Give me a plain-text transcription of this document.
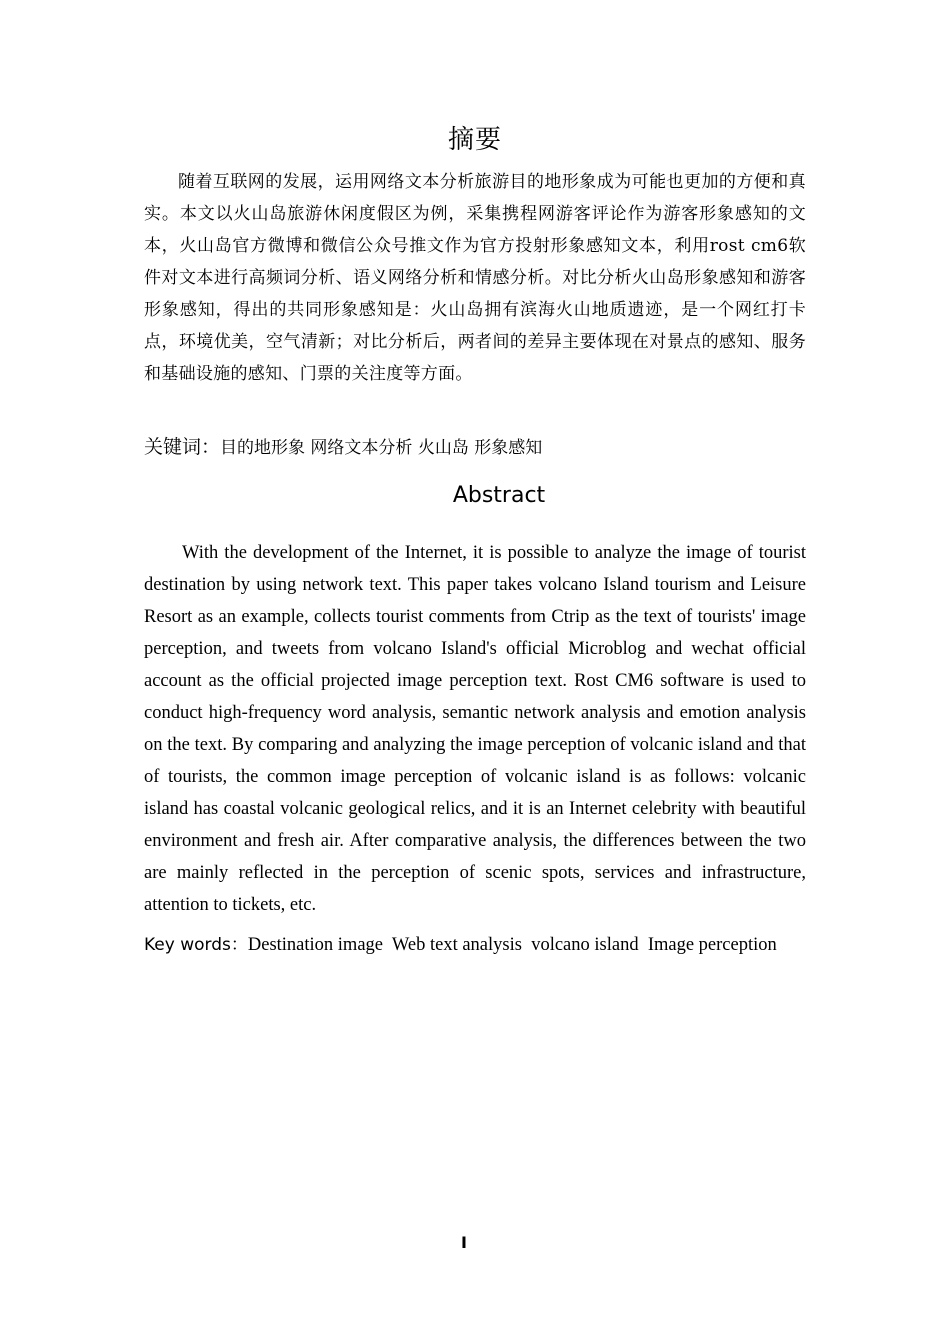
摘要

随着互联网的发展，运用网络文本分析旅游目的地形象成为可能也更加的方便和真实。本文以火山岛旅游休闲度假区为例，采集携程网游客评论作为游客形象感知的文本，火山岛官方微博和微信公众号推文作为官方投射形象感知文本，利用rost cm6软件对文本进行高频词分析、语义网络分析和情感分析。对比分析火山岛形象感知和游客形象感知，得出的共同形象感知是：火山岛拥有滨海火山地质遗迹，是一个网红打卡点，环境优美，空气清新；对比分析后，两者间的差异主要体现在对景点的感知、服务和基础设施的感知、门票的关注度等方面。

关键词：目的地形象 网络文本分析 火山岛 形象感知
Abstract

With the development of the Internet, it is possible to analyze the image of tourist destination by using network text. This paper takes volcano Island tourism and Leisure Resort as an example, collects tourist comments from Ctrip as the text of tourists' image perception, and tweets from volcano Island's official Microblog and wechat official account as the official projected image perception text. Rost CM6 software is used to conduct high-frequency word analysis, semantic network analysis and emotion analysis on the text. By comparing and analyzing the image perception of volcanic island and that of tourists, the common image perception of volcanic island is as follows: volcanic island has coastal volcanic geological relics, and it is an Internet celebrity with beautiful environment and fresh air. After comparative analysis, the differences between the two are mainly reflected in the perception of scenic spots, services and infrastructure, attention to tickets, etc.

Key words：Destination image  Web text analysis  volcano island  Image perception
I
